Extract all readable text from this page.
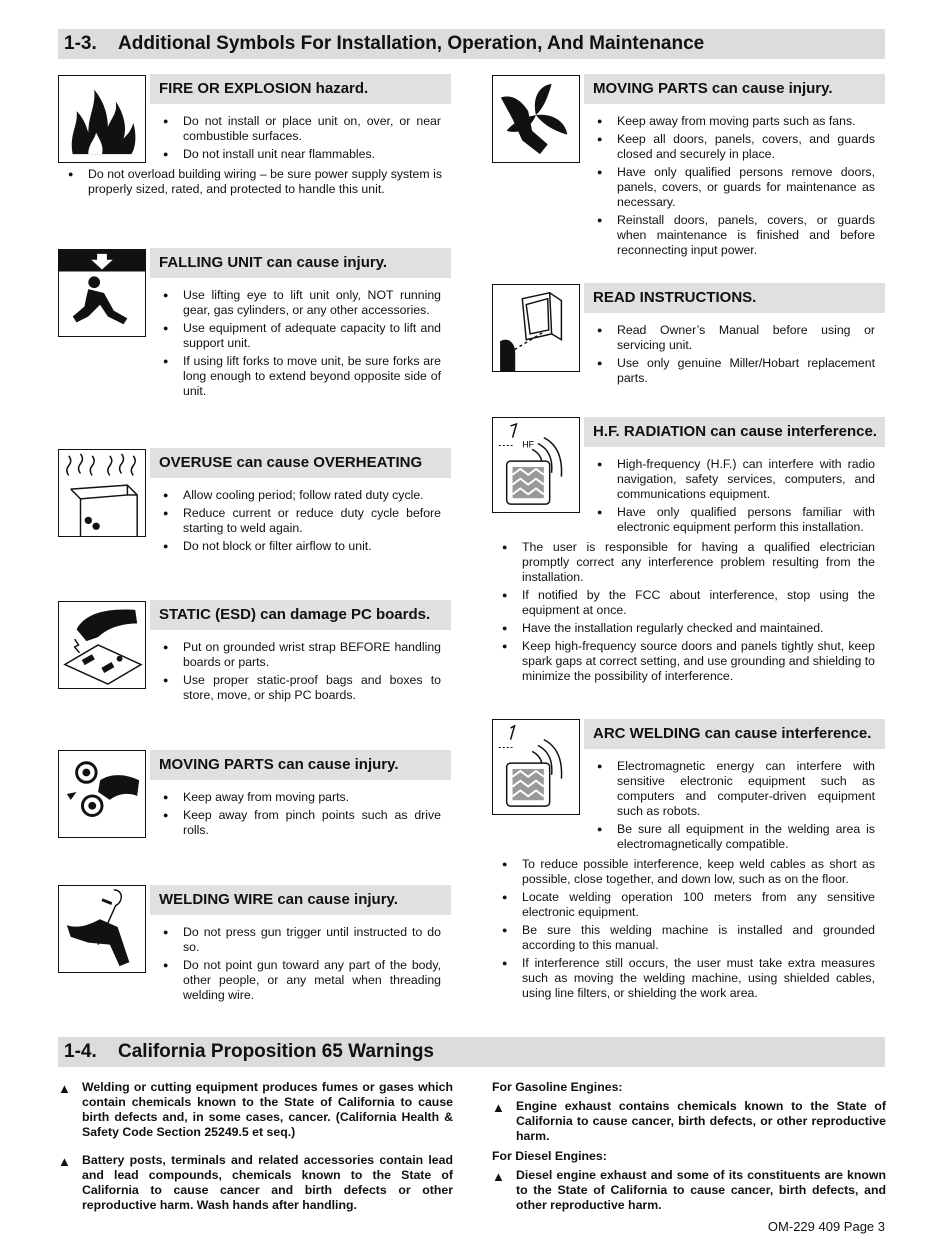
1-3. Additional Symbols For Installation, Operation, And Maintenance
FIRE OR EXPLOSION hazard.
● Do not install or place unit on, over, or near combustible surfaces.
● Do not install unit near flammables.
● Do not overload building wiring – be sure power supply system is properly sized, rated, and protected to handle this unit.
FALLING UNIT can cause injury.
● Use lifting eye to lift unit only, NOT running gear, gas cylinders, or any other accessories.
● Use equipment of adequate capacity to lift and support unit.
● If using lift forks to move unit, be sure forks are long enough to extend beyond opposite side of unit.
OVERUSE can cause OVERHEATING
● Allow cooling period; follow rated duty cycle.
● Reduce current or reduce duty cycle before starting to weld again.
● Do not block or filter airflow to unit.
STATIC (ESD) can damage PC boards.
● Put on grounded wrist strap BEFORE handling boards or parts.
● Use proper static-proof bags and boxes to store, move, or ship PC boards.
MOVING PARTS can cause injury.
● Keep away from moving parts.
● Keep away from pinch points such as drive rolls.
WELDING WIRE can cause injury.
● Do not press gun trigger until instructed to do so.
● Do not point gun toward any part of the body, other people, or any metal when threading welding wire.
MOVING PARTS can cause injury.
● Keep away from moving parts such as fans.
● Keep all doors, panels, covers, and guards closed and securely in place.
● Have only qualified persons remove doors, panels, covers, or guards for maintenance as necessary.
● Reinstall doors, panels, covers, or guards when maintenance is finished and before reconnecting input power.
READ INSTRUCTIONS.
● Read Owner’s Manual before using or servicing unit.
● Use only genuine Miller/Hobart replacement parts.
HF
H.F. RADIATION can cause interference.
● High-frequency (H.F.) can interfere with radio navigation, safety services, computers, and communications equipment.
● Have only qualified persons familiar with electronic equipment perform this installation.
● The user is responsible for having a qualified electrician promptly correct any interference problem resulting from the installation.
● If notified by the FCC about interference, stop using the equipment at once.
● Have the installation regularly checked and maintained.
● Keep high-frequency source doors and panels tightly shut, keep spark gaps at correct setting, and use grounding and shielding to minimize the possibility of interference.
ARC WELDING can cause interference.
● Electromagnetic energy can interfere with sensitive electronic equipment such as computers and computer-driven equipment such as robots.
● Be sure all equipment in the welding area is electromagnetically compatible.
● To reduce possible interference, keep weld cables as short as possible, close together, and down low, such as on the floor.
● Locate welding operation 100 meters from any sensitive electronic equipment.
● Be sure this welding machine is installed and grounded according to this manual.
● If interference still occurs, the user must take extra measures such as moving the welding machine, using shielded cables, using line filters, or shielding the work area.
1-4. California Proposition 65 Warnings
▲ Welding or cutting equipment produces fumes or gases which contain chemicals known to the State of California to cause birth defects and, in some cases, cancer. (California Health & Safety Code Section 25249.5 et seq.)
▲ Battery posts, terminals and related accessories contain lead and lead compounds, chemicals known to the State of California to cause cancer and birth defects or other reproductive harm. Wash hands after handling.
For Gasoline Engines:
▲ Engine exhaust contains chemicals known to the State of California to cause cancer, birth defects, or other reproductive harm.
For Diesel Engines:
▲ Diesel engine exhaust and some of its constituents are known to the State of California to cause cancer, birth defects, and other reproductive harm.
OM-229 409 Page 3
